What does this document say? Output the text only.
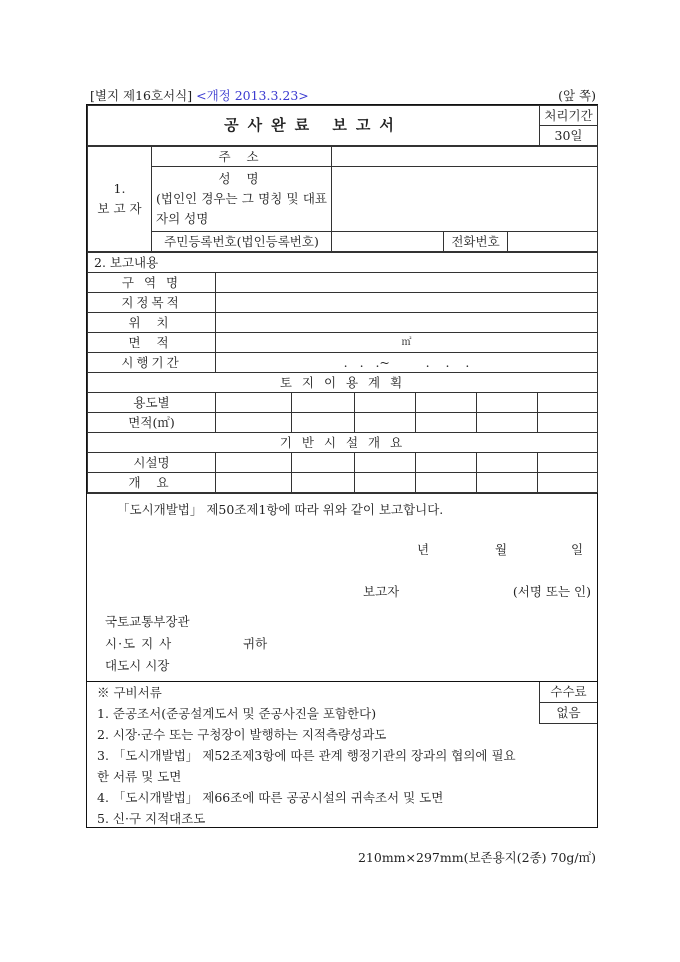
[별지 제16호서식] <개정 2013.3.23>	(앞 쪽)
공사완료 보고서	처리기간
30일
1.
보 고 자	주 소			

	성 명
(법인인 경우는 그 명칭 및 대표자의 성명			

	주민등록번호(법인등록번호)		전화번호	
2. 보고내용						
구 역 명						
지정목적						
위 치						
면 적	㎡					
시행기간	.   .   .~         .    .    .					
토 지 이 용 계 획						
용도별						
면적(㎡)						
기 반 시 설 개 요						
시설명						
개 요						
「도시개발법」 제50조제1항에 따라 위와 같이 보고합니다.
년	월	일
보고자	(서명 또는 인)
국토교통부장관
시·도 지 사	귀하
대도시 시장
※ 구비서류	수수료
없음
1. 준공조서(준공설계도서 및 준공사진을 포함한다)
2. 시장·군수 또는 구청장이 발행하는 지적측량성과도
3. 「도시개발법」 제52조제3항에 따른 관계 행정기관의 장과의 협의에 필요
한 서류 및 도면
4. 「도시개발법」 제66조에 따른 공공시설의 귀속조서 및 도면
5. 신·구 지적대조도
210mm×297mm(보존용지(2종) 70g/㎡)
